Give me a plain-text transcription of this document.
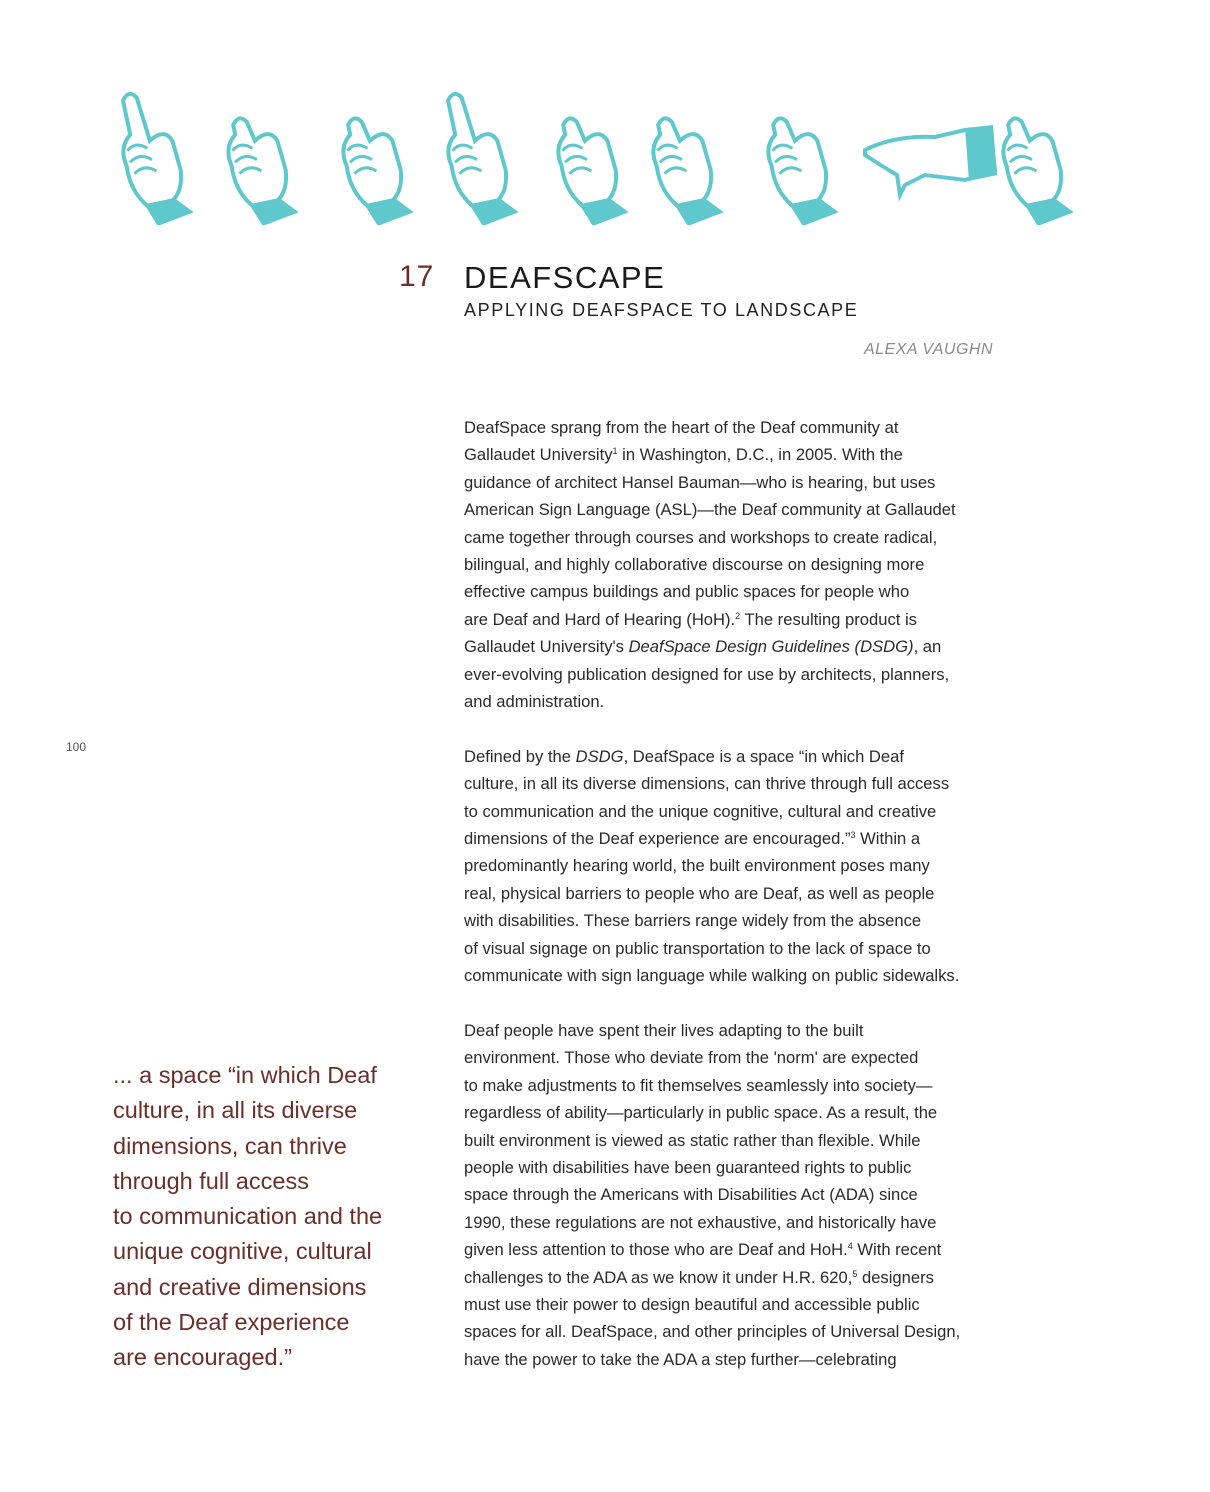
17 DEAFSCAPE
APPLYING DEAFSPACE TO LANDSCAPE
ALEXA VAUGHN
100

DeafSpace sprang from the heart of the Deaf community at
Gallaudet University$^1$ in Washington, D.C., in 2005. With the
guidance of architect Hansel Bauman—who is hearing, but uses
American Sign Language (ASL)—the Deaf community at Gallaudet
came together through courses and workshops to create radical,
bilingual, and highly collaborative discourse on designing more
effective campus buildings and public spaces for people who
are Deaf and Hard of Hearing (HoH).$^2$ The resulting product is
Gallaudet University's DeafSpace Design Guidelines (DSDG), an
ever-evolving publication designed for use by architects, planners,
and administration.

Defined by the DSDG, DeafSpace is a space “in which Deaf
culture, in all its diverse dimensions, can thrive through full access
to communication and the unique cognitive, cultural and creative
dimensions of the Deaf experience are encouraged.”$^3$ Within a
predominantly hearing world, the built environment poses many
real, physical barriers to people who are Deaf, as well as people
with disabilities. These barriers range widely from the absence
of visual signage on public transportation to the lack of space to
communicate with sign language while walking on public sidewalks.

Deaf people have spent their lives adapting to the built
environment. Those who deviate from the 'norm' are expected
to make adjustments to fit themselves seamlessly into society—
regardless of ability—particularly in public space. As a result, the
built environment is viewed as static rather than flexible. While
people with disabilities have been guaranteed rights to public
space through the Americans with Disabilities Act (ADA) since
1990, these regulations are not exhaustive, and historically have
given less attention to those who are Deaf and HoH.$^4$ With recent
challenges to the ADA as we know it under H.R. 620,$^5$ designers
must use their power to design beautiful and accessible public
spaces for all. DeafSpace, and other principles of Universal Design,
have the power to take the ADA a step further—celebrating

... a space “in which Deaf
culture, in all its diverse
dimensions, can thrive
through full access
to communication and the
unique cognitive, cultural
and creative dimensions
of the Deaf experience
are encouraged.”
